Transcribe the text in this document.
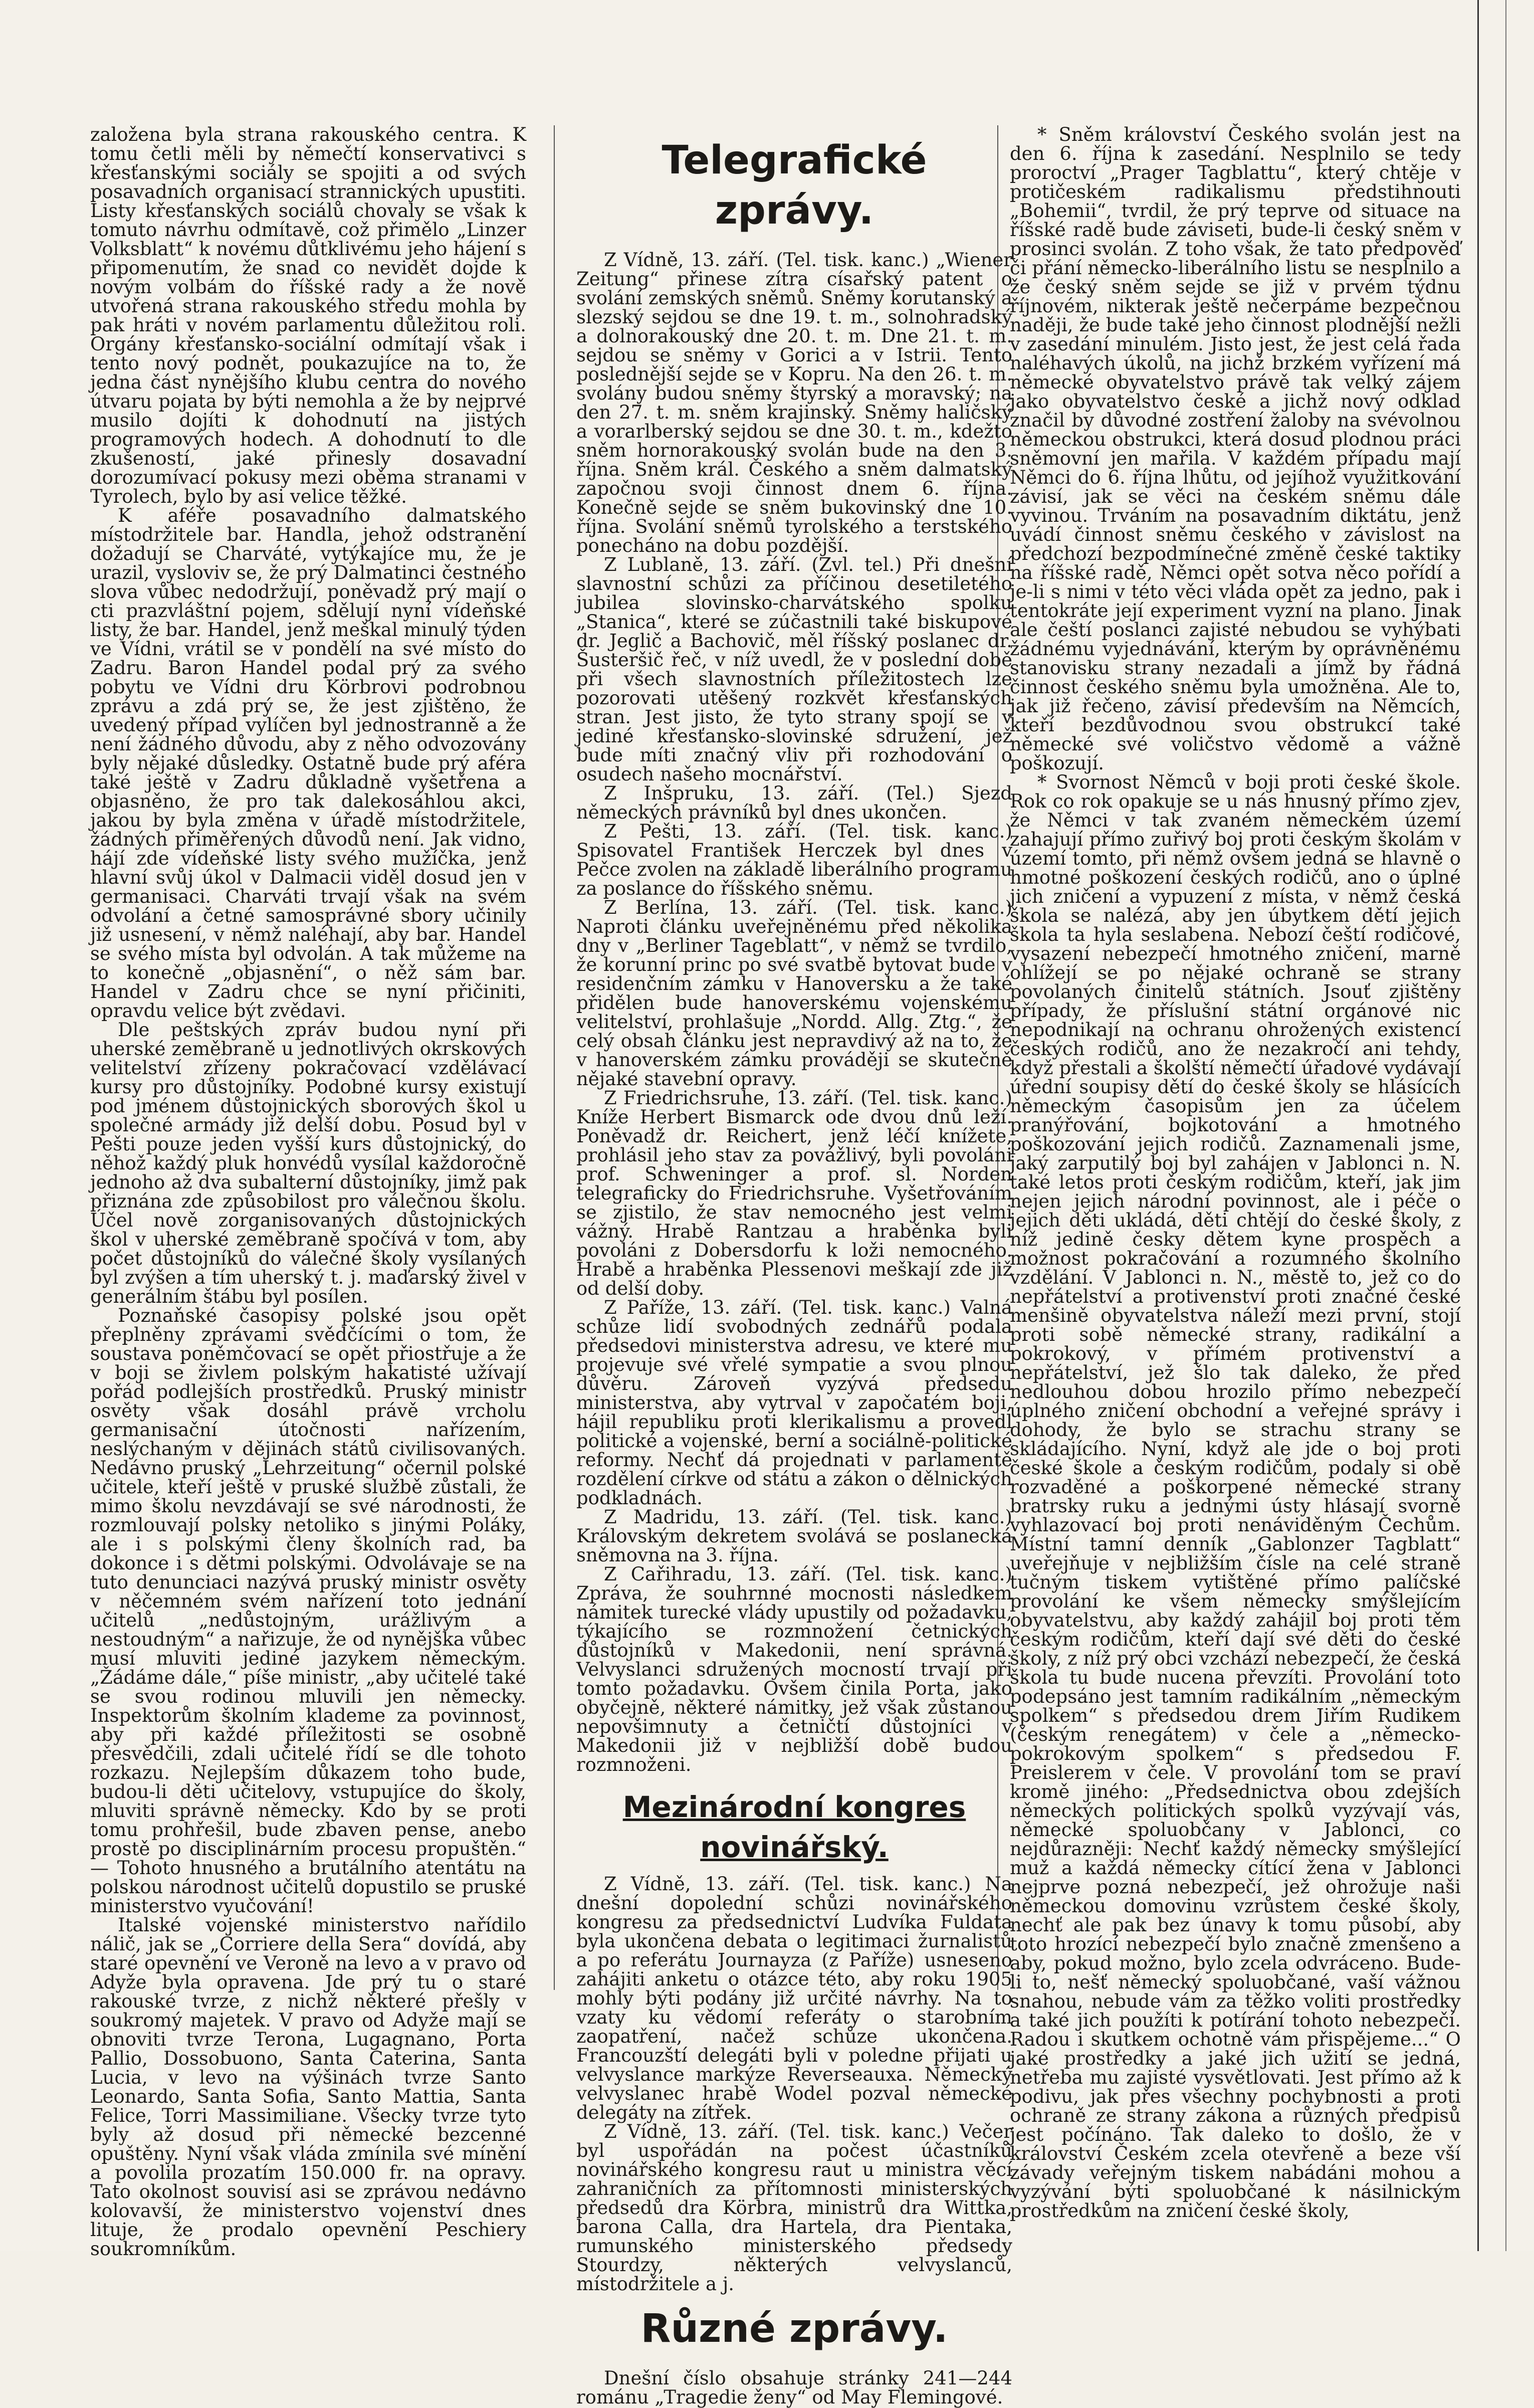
založena byla strana rakouského centra. K tomu četli měli by němečtí konservativci s křesťanskými sociály se spojiti a od svých posavadních organisací strannických upustiti. Listy křesťanských sociálů chovaly se však k tomuto návrhu odmítavě, což přimělo „Linzer Volksblatt“ k novému důtklivému jeho hájení s připomenutím, že snad co nevidět dojde k novým volbám do říšské rady a že nově utvořená strana rakouského středu mohla by pak hráti v novém parlamentu důležitou roli. Orgány křesťansko-sociální odmítají však i tento nový podnět, poukazujíce na to, že jedna část nynějšího klubu centra do nového útvaru pojata by býti nemohla a že by nejprvé musilo dojíti k dohodnutí na jistých programových hodech. A dohodnutí to dle zkušeností, jaké přinesly dosavadní dorozumívací pokusy mezi oběma stranami v Tyrolech, bylo by asi velice těžké.

K aféře posavadního dalmatského místodržitele bar. Handla, jehož odstranění dožadují se Charváté, vytýkajíce mu, že je urazil, vysloviv se, že prý Dalmatinci čestného slova vůbec nedodržují, poněvadž prý mají o cti prazvláštní pojem, sdělují nyní vídeňské listy, že bar. Handel, jenž meškal minulý týden ve Vídni, vrátil se v pondělí na své místo do Zadru. Baron Handel podal prý za svého pobytu ve Vídni dru Körbrovi podrobnou zprávu a zdá prý se, že jest zjištěno, že uvedený případ vylíčen byl jednostranně a že není žádného důvodu, aby z něho odvozovány byly nějaké důsledky. Ostatně bude prý aféra také ještě v Zadru důkladně vyšetřena a objasněno, že pro tak dalekosáhlou akci, jakou by byla změna v úřadě místodržitele, žádných přiměřených důvodů není. Jak vidno, hájí zde vídeňské listy svého mužíčka, jenž hlavní svůj úkol v Dalmacii viděl dosud jen v germanisaci. Charváti trvají však na svém odvolání a četné samosprávné sbory učinily již usnesení, v němž naléhají, aby bar. Handel se svého místa byl odvolán. A tak můžeme na to konečně „objasnění“, o něž sám bar. Handel v Zadru chce se nyní přičiniti, opravdu velice být zvědavi.

Dle peštských zpráv budou nyní při uherské zeměbraně u jednotlivých okrskových velitelství zřízeny pokračovací vzdělávací kursy pro důstojníky. Podobné kursy existují pod jménem důstojnických sborových škol u společné armády již delší dobu. Posud byl v Pešti pouze jeden vyšší kurs důstojnický, do něhož každý pluk honvédů vysílal každoročně jednoho až dva subalterní důstojníky, jimž pak přiznána zde způsobilost pro válečnou školu. Účel nově zorganisovaných důstojnických škol v uherské zeměbraně spočívá v tom, aby počet důstojníků do válečné školy vysílaných byl zvýšen a tím uherský t. j. maďarský živel v generálním štábu byl posílen.

Poznaňské časopisy polské jsou opět přeplněny zprávami svědčícími o tom, že soustava poněmčovací se opět přiostřuje a že v boji se živlem polským hakatisté užívají pořád podlejších prostředků. Pruský ministr osvěty však dosáhl právě vrcholu germanisační útočnosti nařízením, neslýchaným v dějinách států civilisovaných. Nedávno pruský „Lehrzeitung“ očernil polské učitele, kteří ještě v pruské službě zůstali, že mimo školu nevzdávají se své národnosti, že rozmlouvají polsky netoliko s jinými Poláky, ale i s polskými členy školních rad, ba dokonce i s dětmi polskými. Odvolávaje se na tuto denunciaci nazývá pruský ministr osvěty v něčemném svém nařízení toto jednání učitelů „nedůstojným, urážlivým a nestoudným“ a nařizuje, že od nynějška vůbec musí mluviti jediné jazykem německým. „Žádáme dále,“ píše ministr, „aby učitelé také se svou rodinou mluvili jen německy. Inspektorům školním klademe za povinnost, aby při každé příležitosti se osobně přesvědčili, zdali učitelé řídí se dle tohoto rozkazu. Nejlepším důkazem toho bude, budou-li děti učitelovy, vstupujíce do školy, mluviti správně německy. Kdo by se proti tomu prohřešil, bude zbaven pense, anebo prostě po disciplinárním procesu propuštěn.“ — Tohoto hnusného a brutálního atentátu na polskou národnost učitelů dopustilo se pruské ministerstvo vyučování!

Italské vojenské ministerstvo nařídilo nálič, jak se „Corriere della Sera“ dovídá, aby staré opevnění ve Veroně na levo a v pravo od Adyže byla opravena. Jde prý tu o staré rakouské tvrze, z nichž některé přešly v soukromý majetek. V pravo od Adyže mají se obnoviti tvrze Terona, Lugagnano, Porta Pallio, Dossobuono, Santa Caterina, Santa Lucia, v levo na výšinách tvrze Santo Leonardo, Santa Sofia, Santo Mattia, Santa Felice, Torri Massimiliane. Všecky tvrze tyto byly až dosud při německé bezcenné opuštěny. Nyní však vláda zmínila své mínění a povolila prozatím 150.000 fr. na opravy. Tato okolnost souvisí asi se zprávou nedávno kolovavší, že ministerstvo vojenství dnes lituje, že prodalo opevnění Peschiery soukromníkům.

Telegrafické zprávy.

Z Vídně, 13. září. (Tel. tisk. kanc.) „Wiener Zeitung“ přinese zítra císařský patent o svolání zemských sněmů. Sněmy korutanský a slezský sejdou se dne 19. t. m., solnohradský a dolnorakouský dne 20. t. m. Dne 21. t. m. sejdou se sněmy v Gorici a v Istrii. Tento poslednější sejde se v Kopru. Na den 26. t. m. svolány budou sněmy štyrský a moravský; na den 27. t. m. sněm krajinský. Sněmy haličský a vorarlberský sejdou se dne 30. t. m., kdežto sněm hornorakouský svolán bude na den 3. října. Sněm král. Českého a sněm dalmatský započnou svoji činnost dnem 6. října. Konečně sejde se sněm bukovinský dne 10. října. Svolání sněmů tyrolského a terstského ponecháno na dobu pozdější.

Z Lublaně, 13. září. (Zvl. tel.) Při dnešní slavnostní schůzi za příčinou desetiletého jubilea slovinsko-charvátského spolku „Stanica“, které se zúčastnili také biskupové dr. Jeglič a Bachovič, měl říšský poslanec dr. Šusteršič řeč, v níž uvedl, že v poslední době při všech slavnostních příležitostech lze pozorovati utěšený rozkvět křesťanských stran. Jest jisto, že tyto strany spojí se v jediné křesťansko-slovinské sdružení, jež bude míti značný vliv při rozhodování o osudech našeho mocnářství.

Z Inšpruku, 13. září. (Tel.) Sjezd německých právníků byl dnes ukončen.

Z Pešti, 13. září. (Tel. tisk. kanc.) Spisovatel František Herczek byl dnes v Pečce zvolen na základě liberálního programu za poslance do říšského sněmu.

Z Berlína, 13. září. (Tel. tisk. kanc.) Naproti článku uveřejněnému před několika dny v „Berliner Tageblatt“, v němž se tvrdilo, že korunní princ po své svatbě bytovat bude v residenčním zámku v Hanoversku a že také přidělen bude hanoverskému vojenskému velitelství, prohlašuje „Nordd. Allg. Ztg.“, že celý obsah článku jest nepravdivý až na to, že v hanoverském zámku prováději se skutečně nějaké stavební opravy.

Z Friedrichsruhe, 13. září. (Tel. tisk. kanc.) Kníže Herbert Bismarck ode dvou dnů leží. Poněvadž dr. Reichert, jenž léčí knížete, prohlásil jeho stav za povážlivý, byli povoláni prof. Schweninger a prof. sl. Norden telegraficky do Friedrichsruhe. Vyšetřováním se zjistilo, že stav nemocného jest velmi vážný. Hrabě Rantzau a hraběnka byli povoláni z Dobersdorfu k loži nemocného. Hrabě a hraběnka Plessenovi meškají zde již od delší doby.

Z Paříže, 13. září. (Tel. tisk. kanc.) Valná schůze lidí svobodných zednářů podala předsedovi ministerstva adresu, ve které mu projevuje své vřelé sympatie a svou plnou důvěru. Zároveň vyzývá předsedu ministerstva, aby vytrval v započatém boji, hájil republiku proti klerikalismu a provedl politické a vojenské, berní a sociálně-politické reformy. Nechť dá projednati v parlamentě rozdělení církve od státu a zákon o dělnických podkladnách.

Z Madridu, 13. září. (Tel. tisk. kanc.) Královským dekretem svolává se poslanecká sněmovna na 3. října.

Z Cařihradu, 13. září. (Tel. tisk. kanc.) Zpráva, že souhrnné mocnosti následkem námitek turecké vlády upustily od požadavku, týkajícího se rozmnožení četnických důstojníků v Makedonii, není správná. Velvyslanci sdružených mocností trvají při tomto požadavku. Ovšem činila Porta, jako obyčejně, některé námitky, jež však zůstanou nepovšimnuty a četničtí důstojníci v Makedonii již v nejbližší době budou rozmnoženi.

Mezinárodní kongres novinářský.

Z Vídně, 13. září. (Tel. tisk. kanc.) Na dnešní dopolední schůzi novinářského kongresu za předsednictví Ludvíka Fuldata byla ukončena debata o legitimaci žurnalistů a po referátu Journayza (z Paříže) usneseno zahájiti anketu o otázce této, aby roku 1905 mohly býti podány již určité návrhy. Na to vzaty ku vědomí referáty o starobním zaopatření, načež schůze ukončena. Francouzští delegáti byli v poledne přijati u velvyslance markýze Reverseauxa. Německý velvyslanec hrabě Wodel pozval německé delegáty na zítřek.

Z Vídně, 13. září. (Tel. tisk. kanc.) Večer byl uspořádán na počest účastníků novinářského kongresu raut u ministra věcí zahraničních za přítomnosti ministerských předsedů dra Körbra, ministrů dra Wittka, barona Calla, dra Hartela, dra Pientaka, rumunského ministerského předsedy Stourdzy, některých velvyslanců, místodržitele a j.

Různé zprávy.

Dnešní číslo obsahuje stránky 241—244 románu „Tragedie ženy“ od May Flemingové.

* Sněm království Českého svolán jest na den 6. října k zasedání. Nesplnilo se tedy proroctví „Prager Tagblattu“, který chtěje v protičeském radikalismu předstihnouti „Bohemii“, tvrdil, že prý teprve od situace na říšské radě bude záviseti, bude-li český sněm v prosinci svolán. Z toho však, že tato předpověď či přání německo-liberálního listu se nesplnilo a že český sněm sejde se již v prvém týdnu říjnovém, nikterak ještě nečerpáme bezpečnou naději, že bude také jeho činnost plodnější nežli v zasedání minulém. Jisto jest, že jest celá řada naléhavých úkolů, na jichž brzkém vyřízení má německé obyvatelstvo právě tak velký zájem jako obyvatelstvo české a jichž nový odklad značil by důvodné zostření žaloby na svévolnou německou obstrukci, která dosud plodnou práci sněmovní jen mařila. V každém případu mají Němci do 6. října lhůtu, od jejíhož využitkování závisí, jak se věci na českém sněmu dále vyvinou. Trváním na posavadním diktátu, jenž uvádí činnost sněmu českého v závislost na předchozí bezpodmínečné změně české taktiky na říšské radě, Němci opět sotva něco pořídí a je-li s nimi v této věci vláda opět za jedno, pak i tentokráte její experiment vyzní na plano. Jinak ale čeští poslanci zajisté nebudou se vyhýbati žádnému vyjednávání, kterým by oprávněnému stanovisku strany nezadali a jímž by řádná činnost českého sněmu byla umožněna. Ale to, jak již řečeno, závisí především na Němcích, kteří bezdůvodnou svou obstrukcí také německé své voličstvo vědomě a vážně poškozují.

* Svornost Němců v boji proti české škole. Rok co rok opakuje se u nás hnusný přímo zjev, že Němci v tak zvaném německém území zahajují přímo zuřivý boj proti českým školám v území tomto, při němž ovšem jedná se hlavně o hmotné poškození českých rodičů, ano o úplné jich zničení a vypuzení z místa, v němž česká škola se nalézá, aby jen úbytkem dětí jejich škola ta hyla seslabena. Nebozí čeští rodičové, vysazení nebezpečí hmotného zničení, marně ohlížejí se po nějaké ochraně se strany povolaných činitelů státních. Jsouť zjištěny případy, že příslušní státní orgánové nic nepodnikají na ochranu ohrožených existencí českých rodičů, ano že nezakročí ani tehdy, když přestali a školští němečtí úřadové vydávají úřední soupisy dětí do české školy se hlásících německým časopisům jen za účelem pranýřování, bojkotování a hmotného poškozování jejich rodičů. Zaznamenali jsme, jaký zarputilý boj byl zahájen v Jablonci n. N. také letos proti českým rodičům, kteří, jak jim nejen jejich národní povinnost, ale i péče o jejich děti ukládá, děti chtějí do české školy, z níž jedině česky dětem kyne prospěch a možnost pokračování a rozumného školního vzdělání. V Jablonci n. N., městě to, jež co do nepřátelství a protivenství proti značné české menšině obyvatelstva náleží mezi první, stojí proti sobě německé strany, radikální a pokrokový, v přímém protivenství a nepřátelství, jež šlo tak daleko, že před nedlouhou dobou hrozilo přímo nebezpečí úplného zničení obchodní a veřejné správy i dohody, že bylo se strachu strany se skládajícího. Nyní, když ale jde o boj proti české škole a českým rodičům, podaly si obě rozvaděné a poškorpené německé strany bratrsky ruku a jednými ústy hlásají svorně vyhlazovací boj proti nenáviděným Čechům. Místní tamní denník „Gablonzer Tagblatt“ uveřejňuje v nejbližším čísle na celé straně tučným tiskem vytištěné přímo palíčské provolání ke všem německy smýšlejícím obyvatelstvu, aby každý zahájil boj proti těm českým rodičům, kteří dají své děti do české školy, z níž prý obci vzchází nebezpečí, že česká škola tu bude nucena převzíti. Provolání toto podepsáno jest tamním radikálním „německým spolkem“ s předsedou drem Jiřím Rudikem (českým renegátem) v čele a „německo-pokrokovým spolkem“ s předsedou F. Preislerem v čele. V provolání tom se praví kromě jiného: „Předsednictva obou zdejších německých politických spolků vyzývají vás, německé spoluobčany v Jablonci, co nejdůrazněji: Nechť každý německy smýšlející muž a každá německy cítící žena v Jablonci nejprve pozná nebezpečí, jež ohrožuje naši německou domovinu vzrůstem české školy, nechť ale pak bez únavy k tomu působí, aby toto hrozící nebezpečí bylo značně zmenšeno a aby, pokud možno, bylo zcela odvráceno. Bude-li to, nešť německý spoluobčané, vaší vážnou snahou, nebude vám za těžko voliti prostředky a také jich použíti k potírání tohoto nebezpečí. Radou i skutkem ochotně vám přispějeme...“ O jaké prostředky a jaké jich užití se jedná, netřeba mu zajisté vysvětlovati. Jest přímo až k podivu, jak přes všechny pochybnosti a proti ochraně ze strany zákona a různých předpisů jest počínáno. Tak daleko to došlo, že v království Českém zcela otevřeně a beze vší závady veřejným tiskem nabádáni mohou a vyzývání býti spoluobčané k násilnickým prostředkům na zničení české školy,
